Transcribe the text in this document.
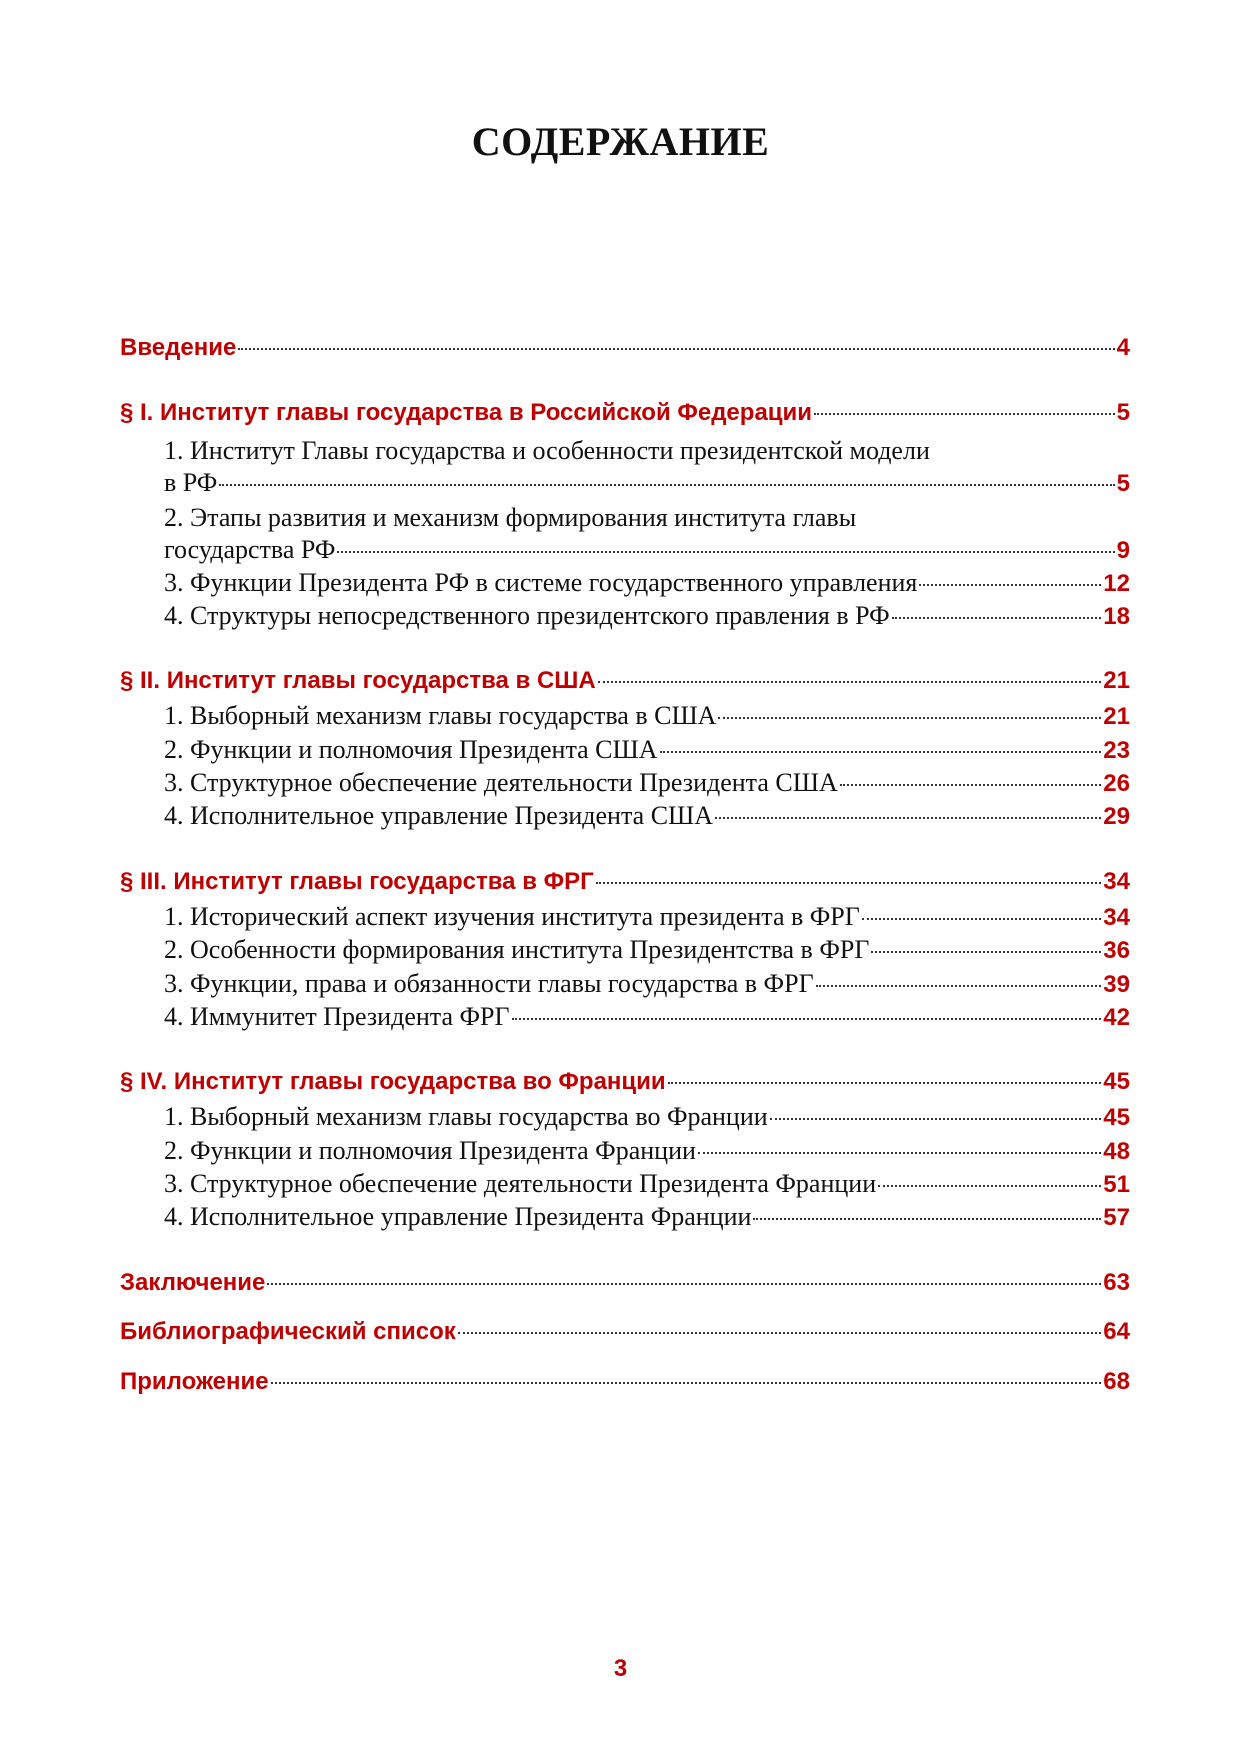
СОДЕРЖАНИЕ
Введение	4
§ I. Институт главы государства в Российской Федерации	5
1. Институт Главы государства и особенности президентской модели
в РФ	5
2. Этапы развития и механизм формирования института главы
государства РФ	9
3. Функции Президента РФ в системе государственного управления	12
4. Структуры непосредственного президентского правления в РФ	18
§ II. Институт главы государства в США	21
1. Выборный механизм главы государства в США	21
2. Функции и полномочия Президента США	23
3. Структурное обеспечение деятельности Президента США	26
4. Исполнительное управление Президента США	29
§ III. Институт главы государства в ФРГ	34
1. Исторический аспект изучения института президента в ФРГ	34
2. Особенности формирования института Президентства в ФРГ	36
3. Функции, права и обязанности главы государства в ФРГ	39
4. Иммунитет Президента ФРГ	42
§ IV. Институт главы государства во Франции	45
1. Выборный механизм главы государства во Франции	45
2. Функции и полномочия Президента Франции	48
3. Структурное обеспечение деятельности Президента Франции	51
4. Исполнительное управление Президента Франции	57
Заключение	63
Библиографический список	64
Приложение	68
3
